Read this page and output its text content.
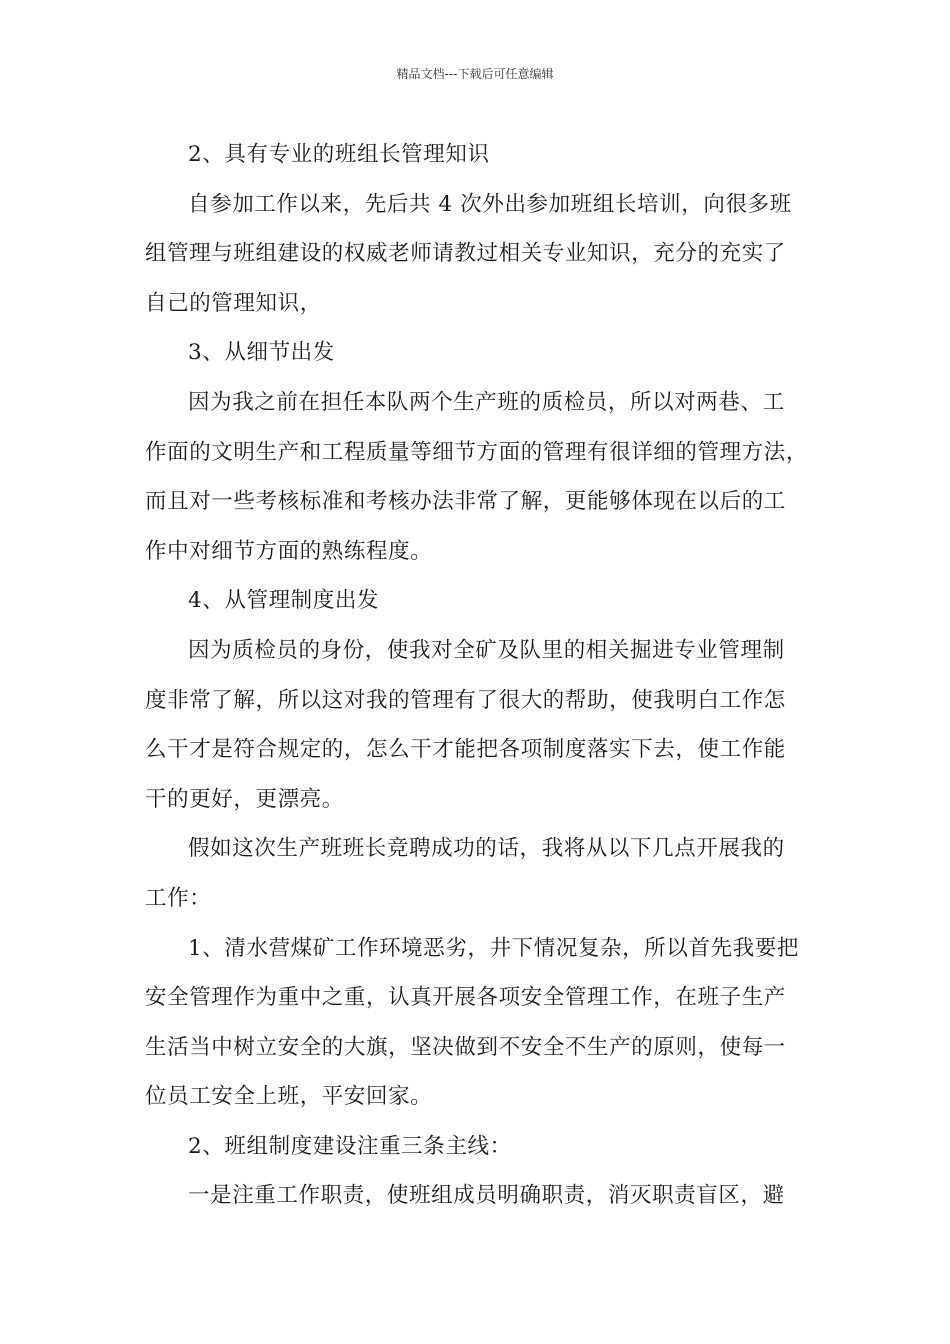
精品文档---下载后可任意编辑

2、具有专业的班组长管理知识

自参加工作以来，先后共 4 次外出参加班组长培训，向很多班
组管理与班组建设的权威老师请教过相关专业知识，充分的充实了
自己的管理知识，

3、从细节出发

因为我之前在担任本队两个生产班的质检员，所以对两巷、工
作面的文明生产和工程质量等细节方面的管理有很详细的管理方法，
而且对一些考核标准和考核办法非常了解，更能够体现在以后的工
作中对细节方面的熟练程度。

4、从管理制度出发

因为质检员的身份，使我对全矿及队里的相关掘进专业管理制
度非常了解，所以这对我的管理有了很大的帮助，使我明白工作怎
么干才是符合规定的，怎么干才能把各项制度落实下去，使工作能
干的更好，更漂亮。

假如这次生产班班长竞聘成功的话，我将从以下几点开展我的
工作：

1、清水营煤矿工作环境恶劣，井下情况复杂，所以首先我要把
安全管理作为重中之重，认真开展各项安全管理工作，在班子生产
生活当中树立安全的大旗，坚决做到不安全不生产的原则，使每一
位员工安全上班，平安回家。

2、班组制度建设注重三条主线：

一是注重工作职责，使班组成员明确职责，消灭职责盲区，避
